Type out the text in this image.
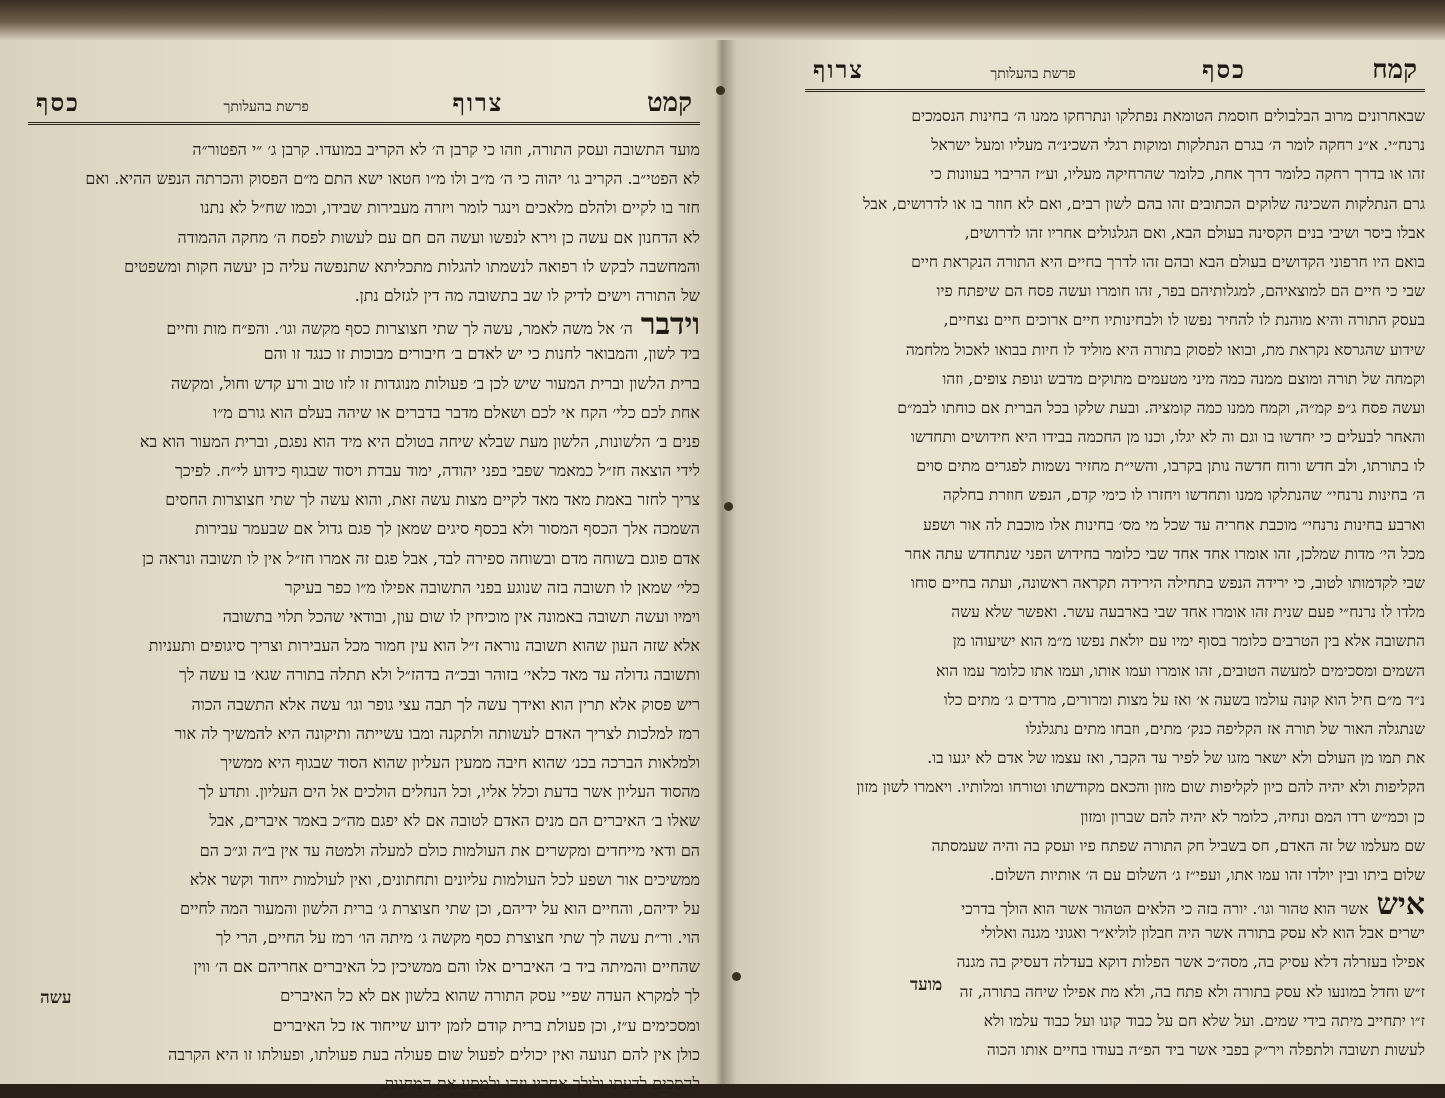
קמט
צרוף
פרשת בהעלותך
כסף
מועד התשובה ועסק התורה, וזהו כי קרבן ה׳ לא הקריב במועדו. קרבן ג׳ ״י הפטור״ה
לא הפטי״ב. הקריב גו׳ יהוה כי ה׳ מ״ב ולו מ״ו חטאו ישא התם מ״ם הפסוק והכרתה הנפש ההיא. ואם
חזר בו לקיים ולהלם מלאכים וינגר לומר ויזרה מעבירות שבידו, וכמו שח״ל לא נתנו
לא הדחנון אם עשה כן וירא לנפשו ועשה הם חם עם לעשות לפסח ה׳ מחקה ההמודה
והמחשבה לבקש לו רפואה לנשמתו להגלות מתכליתא שתנפשה עליה כן יעשה חקות ומשפטים
של התורה וישים לדיק לו שב בתשובה מה דין לגזלם נתן.
וידברה׳ אל משה לאמר, עשה לך שתי חצוצרות כסף מקשה וגו׳. והפ״ח מות וחיים
ביד לשון, והמבואר לחנות כי יש לאדם ב׳ חיבורים מבוכות זו כנגד זו והם
ברית הלשון וברית המעור שיש לכן ב׳ פעולות מנוגדות זו לזו טוב ורע קדש וחול, ומקשה
אחת לכם כלי׳ הקח אי לכם ושאלם מדבר בדברים או שיהה בעלם הוא גורם מ״ו
פנים ב׳ הלשונות, הלשון מעת שבלא שיחה בטולם היא מיד הוא נפגם, וברית המעור הוא בא
לידי הוצאה חז״ל כמאמר שפבי בפני יהודה, ימוד עבדת ויסוד שבגוף כידוע לי״ח. לפיכך
צריך לחזר באמת מאד מאד לקיים מצות עשה זאת, והוא עשה לך שתי חצוצרות החסים
השמכה אלך הכסף המסור ולא בכסף סיגים שמאן לך פגם גדול אם שבעמר עבירות
אדם פוגם בשוחה מדם ובשוחה ספירה לבד, אבל פגם זה אמרו חז״ל אין לו תשובה ונראה כן
כלי׳ שמאן לו תשובה בזה שנוגע בפני התשובה אפילו מ״ו כפר בעיקר
וימיו ועשה תשובה באמונה אין מוכיחין לו שום עון, ובודאי שהכל תלוי בתשובה
אלא שזה העון שהוא תשובה נוראה ז״ל הוא עין חמור מכל העבירות וצריך סיגופים ותעניות
ותשובה גדולה עד מאד כלאי׳ בזוהר ובכ״ה בדהז״ל ולא תתלה בתורה שגא׳ בו עשה לך
ריש פסוק אלא תרין הוא ואידך עשה לך תבה עצי גופר וגו׳ עשה אלא התשבה הכוה
רמז למלכות לצריך האדם לעשותה ולתקנה ומבו עשייתה ותיקונה היא להמשיך לה אור
ולמלאות הברכה בכנ׳ שהוא חיבה ממעין העליון שהוא הסוד שבגוף היא ממשיך
מהסוד העליון אשר בדעת וכלל אליו, וכל הנחלים הולכים אל הים העליון. ותדע לך
שאלו ב׳ האיברים הם מנים האדם לטובה אם לא יפגם מה״כ באמר איברים, אבל
הם ודאי מייחדים ומקשרים את העולמות כולם למעלה ולמטה עד אין ב״ה וג״כ הם
ממשיכים אור ושפע לכל העולמות עליונים ותחתונים, ואין לעולמות ייחוד וקשר אלא
על ידיהם, והחיים הוא על ידיהם, וכן שתי חצוצרת ג׳ ברית הלשון והמעור המה לחיים
הוי. ור״ת עשה לך שתי חצוצרת כסף מקשה ג׳ מיתה הו׳ רמז על החיים, הרי לך
שהחיים והמיתה ביד ב׳ האיברים אלו והם ממשיכין כל האיברים אחריהם אם ה׳ ווין
לך למקרא העדה שפ״י עסק התורה שהוא בלשון אם לא כל האיברים
ומסכימים ע״ז, וכן פעולת ברית קודם לזמן ידוע שייחוד אז כל האיברים
כולן אין להם תנועה ואין יכולים לפעול שום פעולה בעת פעולתו, ופעולתו זו היא הקרבה
להסכים לדעתו ולילך אחריו וזהו ולמסע את המחנות.
עשה
קמח
כסף
פרשת בהעלותך
צרוף
שבאחרונים מרוב הבלבולים חוסמת הטומאת נפתלקו ונתרחקו ממנו ה׳ בחינות הנסמכים
נרנח״י. א״נ רחקה לומר ה׳ בגרם הנתלקות ומוקות רגלי השכינ״ה מעליו ומעל ישראל
זהו או בדרך רחקה כלומר דרך אחת, כלומר שהרחיקה מעליו, וע״ז הריבוי בעוונות כי
גרם הנתלקות השכינה שלוקים הכתובים זהו בהם לשון רבים, ואם לא חוזר בו או לדרושים, אבל
אבלו ביסר ושיבי בנים הקסינה בעולם הבא, ואם הגלגולים אחריו זהו לדרושים,
בואם היו חרפוני הקדושים בעולם הבא ובהם זהו לדרך בחיים היא התורה הנקראת חיים
שבי כי חיים הם למוצאיהם, למגלותיהם בפר, זהו חומרו ועשה פסח הם שיפתח פיו
בעסק התורה והיא מוהנת לו להחיר נפשו לו ולבחינותיו חיים ארוכים חיים נצחיים,
שידוע שהגרסא נקראת מת, ובואו לפסוק בתורה היא מוליד לו חיות בבואו לאכול מלחמה
וקמחה של תורה ומוצם ממנה כמה מיני מטעמים מתוקים מדבש ונופת צופים, וזהו
ועשה פסח ג״פ קמ״ה, וקמח ממנו כמה קומציה. ובעת שלקו בכל הברית אם כוחתו לבמ״ם
והאחר לבעלים כי יחדשו בו וגם וה לא יגלו, וכנו מן החכמה בבידו היא חידושים ותחדשו
לו בתורתו, ולב חדש ורוח חדשה נותן בקרבו, והשי״ת מחזיר נשמות לפגרים מתים סוים
ה׳ בחינות נרנחי״ שהנתלקו ממנו ותחדשו ויחזרו לו כימי קדם, הנפש חוזרת בחלקה
וארבע בחינות נרנחי״ מוכבת אחריה עד שכל מי מס׳ בחינות אלו מוכבת לה אור ושפע
מכל הי׳ מדות שמלכן, זהו אומרו אחד אחד שבי כלומר בחידוש הפני שנתחדש עתה אחר
שבי לקדמותו לטוב, כי ירידה הנפש בתחילה הירידה תקראה ראשונה, ועתה בחיים סוחו
מלדו לו נרנח״י פעם שנית זהו אומרו אחד שבי בארבעה עשר. ואפשר שלא עשה
התשובה אלא בין הטרבים כלומר בסוף ימיו עם יולאת נפשו מ״מ הוא ישיעוהו מן
השמים ומסכימים למעשה הטובים, זהו אומרו ועמו אותו, ועמו אתו כלומר עמו הוא
נ״ד מ״ם חיל הוא קונה עולמו בשעה א׳ ואז על מצות ומרורים, מרדים ג׳ מתים כלו
שנתגלה האור של תורה אז הקליפה כנק׳ מתים, וזבחו מתים נתגלגלו
את תמו מן העולם ולא ישאר מזגו של לפיר עד הקבר, ואז עצמו של אדם לא יגעו בו.
הקליפות ולא יהיה להם כיון לקליפות שום מזון והכאם מקודשתו וטורחו ומלותיו. ויאמרו לשון מזון
כן וכמ״ש רדו המם ונחיה, כלומר לא יהיה להם שברון ומזון
שם מעלמו של זה האדם, חס בשביל חק התורה שפתח פיו ועסק בה והיה שעמסתה
שלום ביתו ובין יולדו זהו עמו אתו, ועפי״ז ג׳ השלום עם ה׳ אותיות השלום.
אישאשר הוא טהור וגו׳. יורה בזה כי הלאים הטהור אשר הוא הולך בדרכי
ישרים אבל הוא לא עסק בתורה אשר היה חבלון לוליא״ר ואגוני מגנה ואלולי
אפילו בעזרלה דלא עסיק בה, מסה״כ אשר הפלות דוקא בעדלה דעסיק בה מגנה
ז״ש וחדל במונעו לא עסק בתורה ולא פתח בה, ולא מת אפילו שיחה בתורה, זה
ז״ו יתחייב מיתה בידי שמים. ועל שלא חם על כבוד קונו ועל כבוד עלמו ולא
לעשות תשובה ולתפלה ויר״ק בפבי אשר ביד הפ״ה בעודו בחיים אותו הכוה
מועד
